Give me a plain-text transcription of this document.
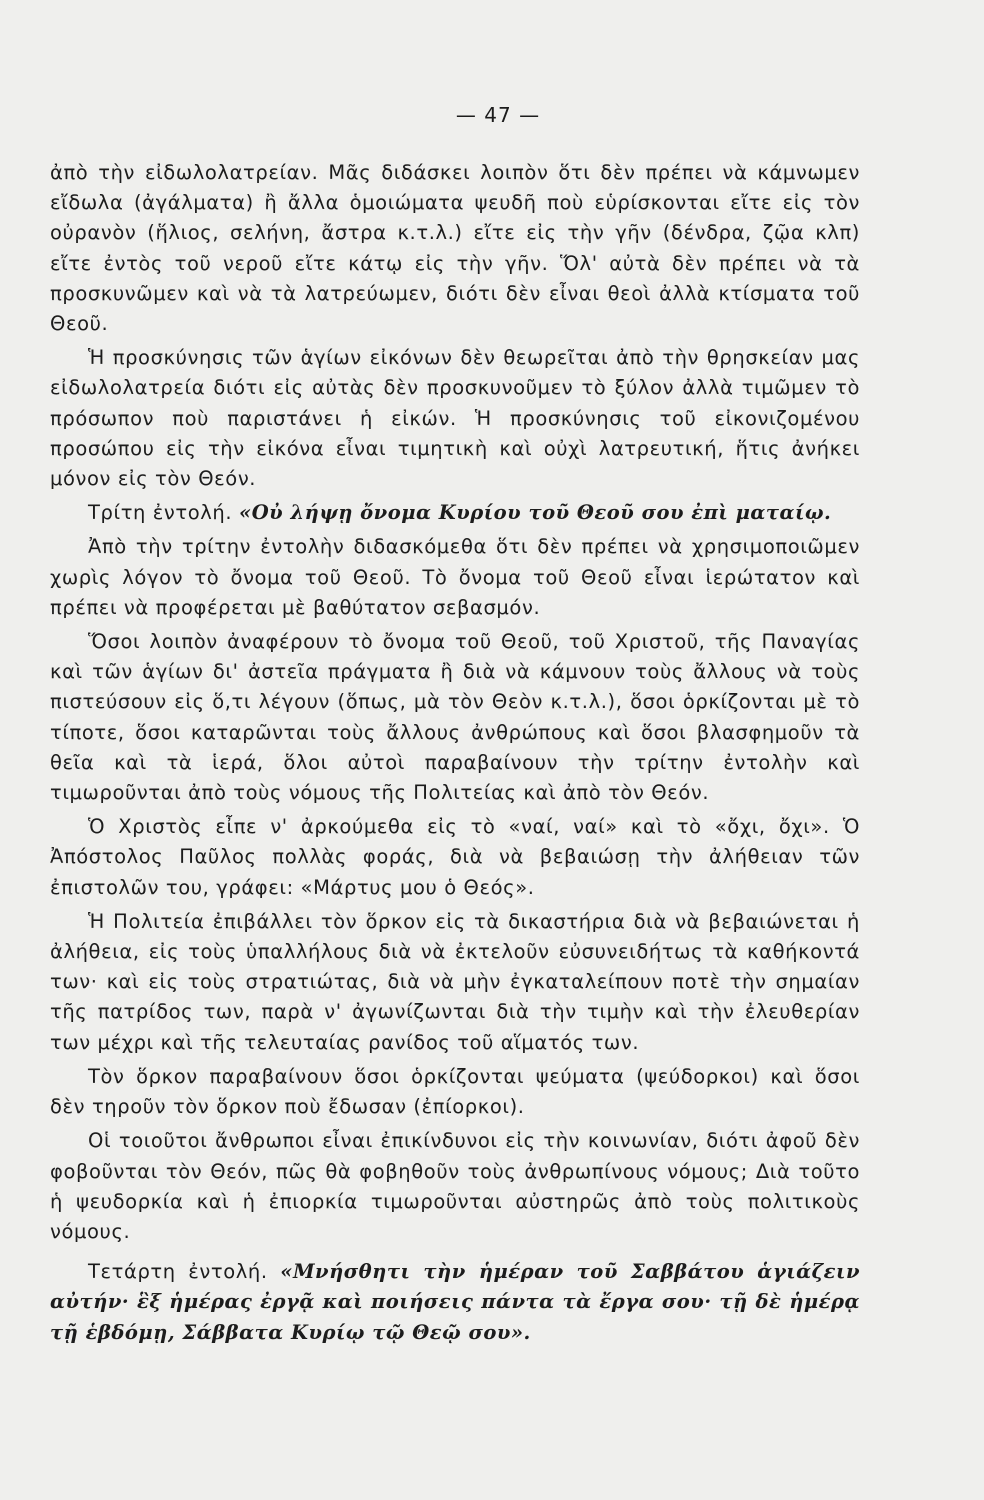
— 47 —

ἀπὸ τὴν εἰδωλολατρείαν. Μᾶς διδάσκει λοιπὸν ὅτι δὲν πρέπει νὰ κάμνωμεν εἴδωλα (ἀγάλματα) ἢ ἄλλα ὁμοιώματα ψευδῆ ποὺ εὑρίσκονται εἴτε εἰς τὸν οὐρανὸν (ἥλιος, σελήνη, ἄστρα κ.τ.λ.) εἴτε εἰς τὴν γῆν (δένδρα, ζῷα κλπ) εἴτε ἐντὸς τοῦ νεροῦ εἴτε κάτῳ εἰς τὴν γῆν. Ὅλ' αὐτὰ δὲν πρέπει νὰ τὰ προσκυνῶμεν καὶ νὰ τὰ λατρεύωμεν, διότι δὲν εἶναι θεοὶ ἀλλὰ κτίσματα τοῦ Θεοῦ.

Ἡ προσκύνησις τῶν ἁγίων εἰκόνων δὲν θεωρεῖται ἀπὸ τὴν θρησκείαν μας εἰδωλολατρεία διότι εἰς αὐτὰς δὲν προσκυνοῦμεν τὸ ξύλον ἀλλὰ τιμῶμεν τὸ πρόσωπον ποὺ παριστάνει ἡ εἰκών. Ἡ προσκύνησις τοῦ εἰκονιζομένου προσώπου εἰς τὴν εἰκόνα εἶναι τιμητικὴ καὶ οὐχὶ λατρευτική, ἥτις ἀνήκει μόνον εἰς τὸν Θεόν.

Τρίτη ἐντολή. «Οὐ λήψῃ ὄνομα Κυρίου τοῦ Θεοῦ σου ἐπὶ ματαίῳ.

Ἀπὸ τὴν τρίτην ἐντολὴν διδασκόμεθα ὅτι δὲν πρέπει νὰ χρησιμοποιῶμεν χωρὶς λόγον τὸ ὄνομα τοῦ Θεοῦ. Τὸ ὄνομα τοῦ Θεοῦ εἶναι ἱερώτατον καὶ πρέπει νὰ προφέρεται μὲ βαθύτατον σεβασμόν.

Ὅσοι λοιπὸν ἀναφέρουν τὸ ὄνομα τοῦ Θεοῦ, τοῦ Χριστοῦ, τῆς Παναγίας καὶ τῶν ἁγίων δι' ἀστεῖα πράγματα ἢ διὰ νὰ κάμνουν τοὺς ἄλλους νὰ τοὺς πιστεύσουν εἰς ὅ,τι λέγουν (ὅπως, μὰ τὸν Θεὸν κ.τ.λ.), ὅσοι ὁρκίζονται μὲ τὸ τίποτε, ὅσοι καταρῶνται τοὺς ἄλλους ἀνθρώπους καὶ ὅσοι βλασφημοῦν τὰ θεῖα καὶ τὰ ἱερά, ὅλοι αὐτοὶ παραβαίνουν τὴν τρίτην ἐντολὴν καὶ τιμωροῦνται ἀπὸ τοὺς νόμους τῆς Πολιτείας καὶ ἀπὸ τὸν Θεόν.

Ὁ Χριστὸς εἶπε ν' ἀρκούμεθα εἰς τὸ «ναί, ναί» καὶ τὸ «ὄχι, ὄχι». Ὁ Ἀπόστολος Παῦλος πολλὰς φοράς, διὰ νὰ βεβαιώσῃ τὴν ἀλήθειαν τῶν ἐπιστολῶν του, γράφει: «Μάρτυς μου ὁ Θεός».

Ἡ Πολιτεία ἐπιβάλλει τὸν ὅρκον εἰς τὰ δικαστήρια διὰ νὰ βεβαιώνεται ἡ ἀλήθεια, εἰς τοὺς ὑπαλλήλους διὰ νὰ ἐκτελοῦν εὐσυνειδήτως τὰ καθήκοντά των· καὶ εἰς τοὺς στρατιώτας, διὰ νὰ μὴν ἐγκαταλείπουν ποτὲ τὴν σημαίαν τῆς πατρίδος των, παρὰ ν' ἀγωνίζωνται διὰ τὴν τιμὴν καὶ τὴν ἐλευθερίαν των μέχρι καὶ τῆς τελευταίας ρανίδος τοῦ αἵματός των.

Τὸν ὅρκον παραβαίνουν ὅσοι ὁρκίζονται ψεύματα (ψεύδορκοι) καὶ ὅσοι δὲν τηροῦν τὸν ὅρκον ποὺ ἔδωσαν (ἐπίορκοι).

Οἱ τοιοῦτοι ἄνθρωποι εἶναι ἐπικίνδυνοι εἰς τὴν κοινωνίαν, διότι ἀφοῦ δὲν φοβοῦνται τὸν Θεόν, πῶς θὰ φοβηθοῦν τοὺς ἀνθρωπίνους νόμους; Διὰ τοῦτο ἡ ψευδορκία καὶ ἡ ἐπιορκία τιμωροῦνται αὐστηρῶς ἀπὸ τοὺς πολιτικοὺς νόμους.

Τετάρτη ἐντολή. «Μνήσθητι τὴν ἡμέραν τοῦ Σαββάτου ἁγιάζειν αὐτήν· ἓξ ἡμέρας ἐργᾷ καὶ ποιήσεις πάντα τὰ ἔργα σου· τῇ δὲ ἡμέρᾳ τῇ ἑβδόμῃ, Σάββατα Κυρίῳ τῷ Θεῷ σου».
